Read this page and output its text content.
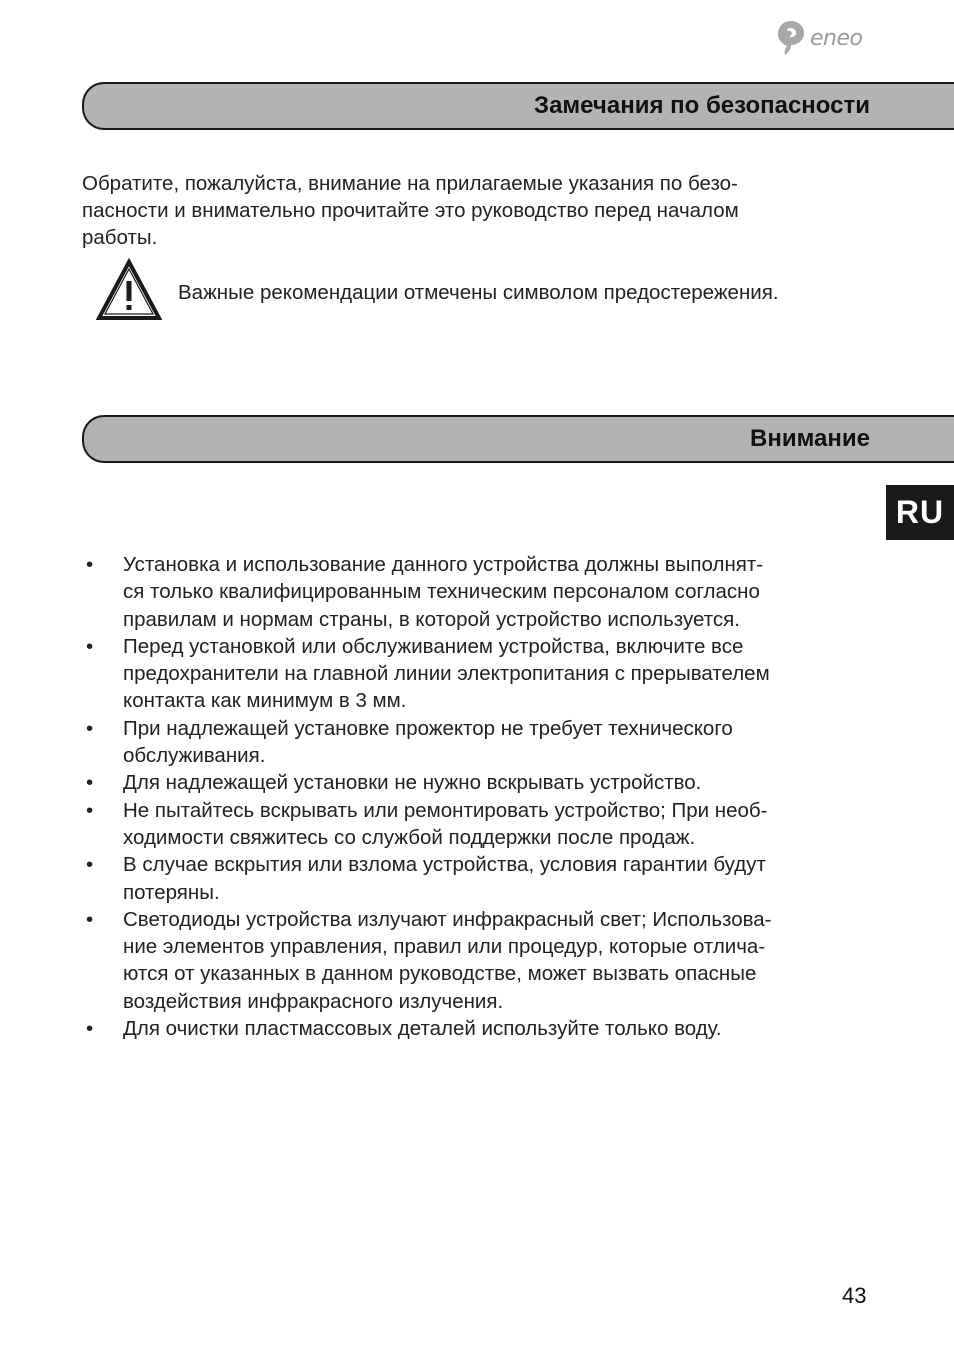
eneo
Замечания по безопасности
Обратите, пожалуйста, внимание на прилагаемые указания по безо-
пасности и внимательно прочитайте это руководство перед началом
работы.
Важные рекомендации отмечены символом предостережения.
Внимание
RU
• Установка и использование данного устройства должны выполнят-
ся только квалифицированным техническим персоналом согласно
правилам и нормам страны, в которой устройство используется.
• Перед установкой или обслуживанием устройства, включите все
предохранители на главной линии электропитания с прерывателем
контакта как минимум в 3 мм.
• При надлежащей установке прожектор не требует технического
обслуживания.
• Для надлежащей установки не нужно вскрывать устройство.
• Не пытайтесь вскрывать или ремонтировать устройство; При необ-
ходимости свяжитесь со службой поддержки после продаж.
• В случае вскрытия или взлома устройства, условия гарантии будут
потеряны.
• Светодиоды устройства излучают инфракрасный свет; Использова-
ние элементов управления, правил или процедур, которые отлича-
ются от указанных в данном руководстве, может вызвать опасные
воздействия инфракрасного излучения.
• Для очистки пластмассовых деталей используйте только воду.
43
